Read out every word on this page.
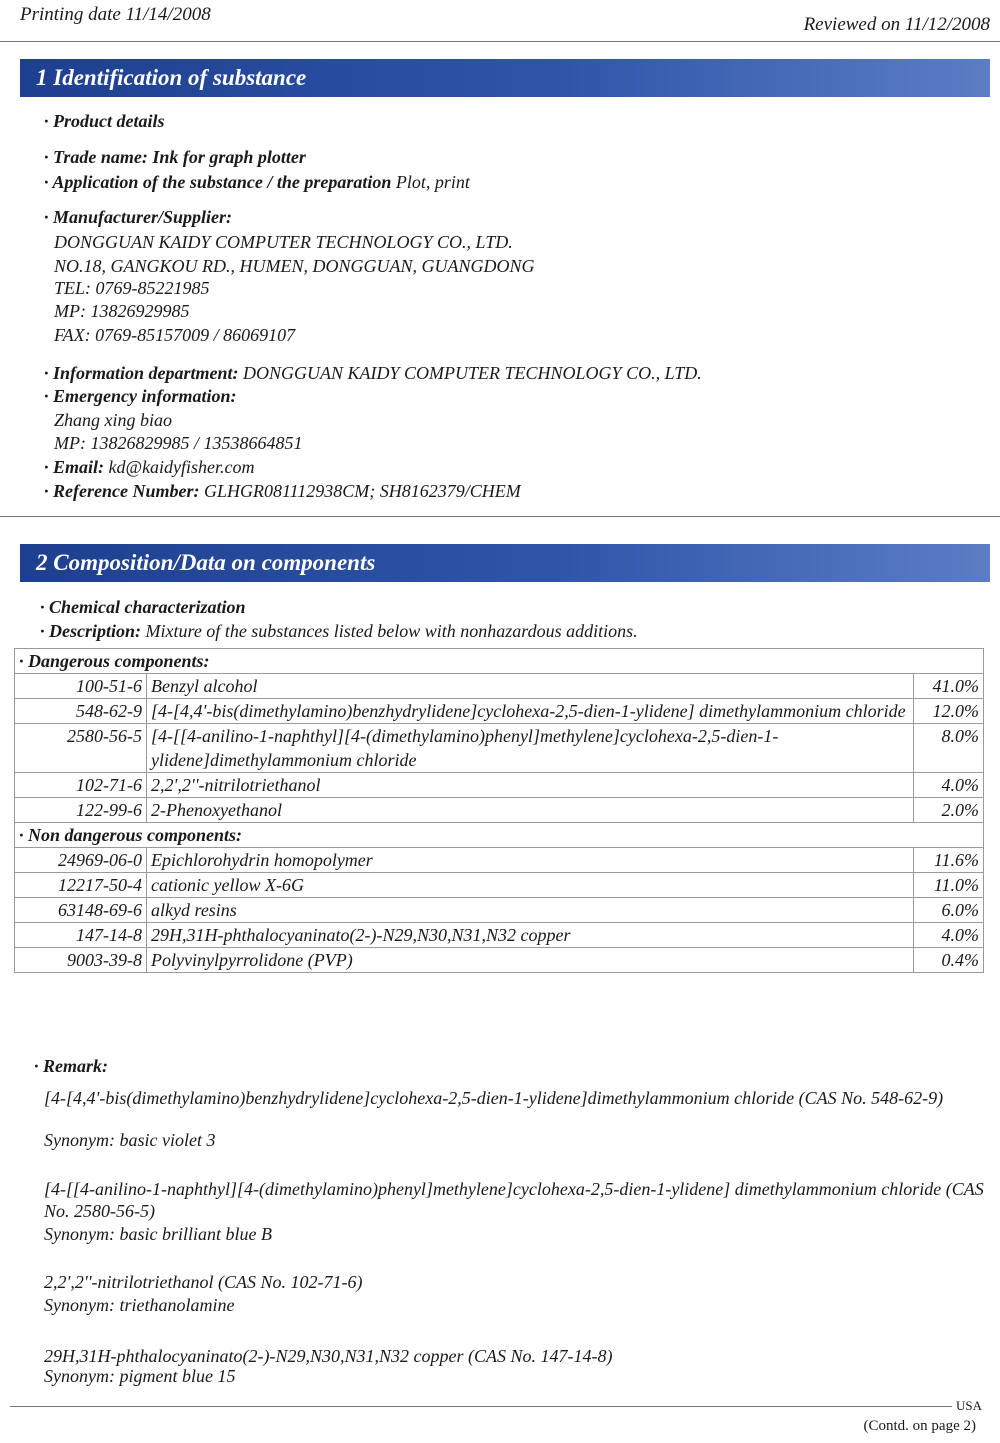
Printing date 11/14/2008	Reviewed on 11/12/2008
1 Identification of substance
· Product details
· Trade name: Ink for graph plotter
· Application of the substance / the preparation Plot, print
· Manufacturer/Supplier:
DONGGUAN KAIDY COMPUTER TECHNOLOGY CO., LTD.
NO.18, GANGKOU RD., HUMEN, DONGGUAN, GUANGDONG
TEL: 0769-85221985
MP: 13826929985
FAX: 0769-85157009 / 86069107
· Information department: DONGGUAN KAIDY COMPUTER TECHNOLOGY CO., LTD.
· Emergency information:
Zhang xing biao
MP: 13826829985 / 13538664851
· Email: kd@kaidyfisher.com
· Reference Number: GLHGR081112938CM; SH8162379/CHEM
2 Composition/Data on components
· Chemical characterization
· Description: Mixture of the substances listed below with nonhazardous additions.
· Dangerous components:		
100-51-6	Benzyl alcohol	41.0%
548-62-9	[4-[4,4'-bis(dimethylamino)benzhydrylidene]cyclohexa-2,5-dien-1-ylidene] dimethylammonium chloride	12.0%
2580-56-5	[4-[[4-anilino-1-naphthyl][4-(dimethylamino)phenyl]methylene]cyclohexa-2,5-dien-1-ylidene]dimethylammonium chloride	8.0%
102-71-6	2,2',2''-nitrilotriethanol	4.0%
122-99-6	2-Phenoxyethanol	2.0%
· Non dangerous components:		
24969-06-0	Epichlorohydrin homopolymer	11.6%
12217-50-4	cationic yellow X-6G	11.0%
63148-69-6	alkyd resins	6.0%
147-14-8	29H,31H-phthalocyaninato(2-)-N29,N30,N31,N32 copper	4.0%
9003-39-8	Polyvinylpyrrolidone (PVP)	0.4%
· Remark:
[4-[4,4'-bis(dimethylamino)benzhydrylidene]cyclohexa-2,5-dien-1-ylidene]dimethylammonium chloride (CAS No. 548-62-9)
Synonym: basic violet 3
[4-[[4-anilino-1-naphthyl][4-(dimethylamino)phenyl]methylene]cyclohexa-2,5-dien-1-ylidene] dimethylammonium chloride (CAS No. 2580-56-5)
Synonym: basic brilliant blue B
2,2',2''-nitrilotriethanol (CAS No. 102-71-6)
Synonym: triethanolamine
29H,31H-phthalocyaninato(2-)-N29,N30,N31,N32 copper (CAS No. 147-14-8)
Synonym: pigment blue 15
USA
(Contd. on page 2)
